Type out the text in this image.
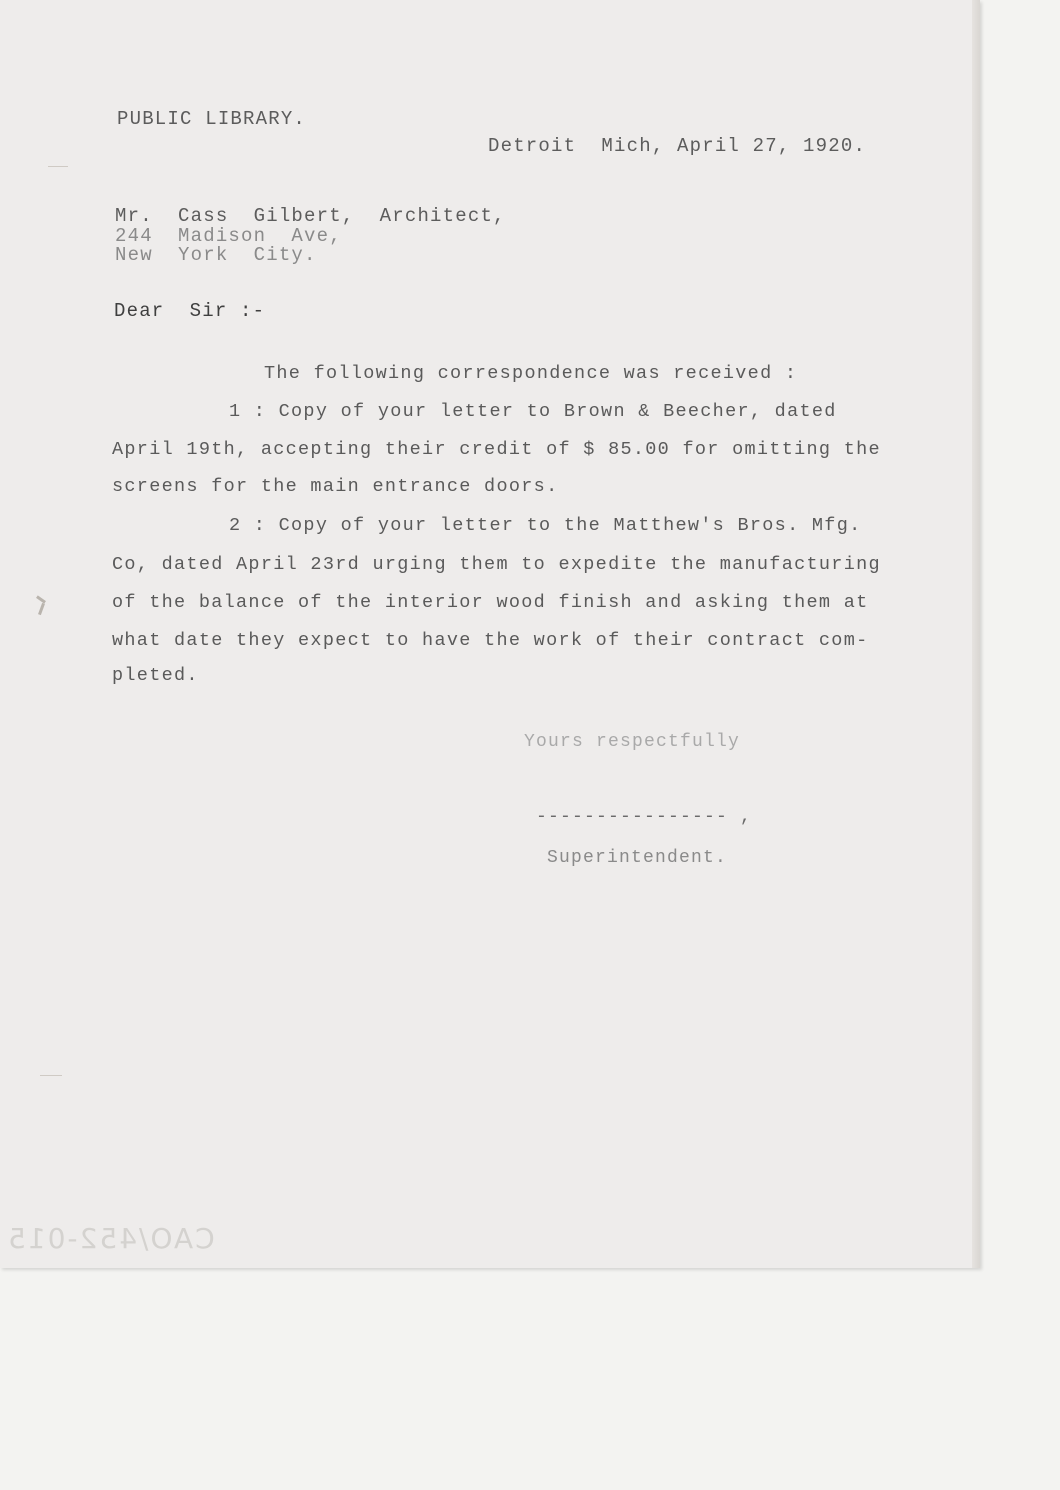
PUBLIC LIBRARY.
Detroit  Mich, April 27, 1920.
Mr.  Cass  Gilbert,  Architect,
244  Madison  Ave,
New  York  City.
Dear  Sir :-
The following correspondence was received :
1 : Copy of your letter to Brown & Beecher, dated
April 19th, accepting their credit of $ 85.00 for omitting the
screens for the main entrance doors.
2 : Copy of your letter to the Matthew's Bros. Mfg.
Co, dated April 23rd urging them to expedite the manufacturing
of the balance of the interior wood finish and asking them at
what date they expect to have the work of their contract com-
pleted.
Yours respectfully
---------------- ,
Superintendent.
CAO/452-015
